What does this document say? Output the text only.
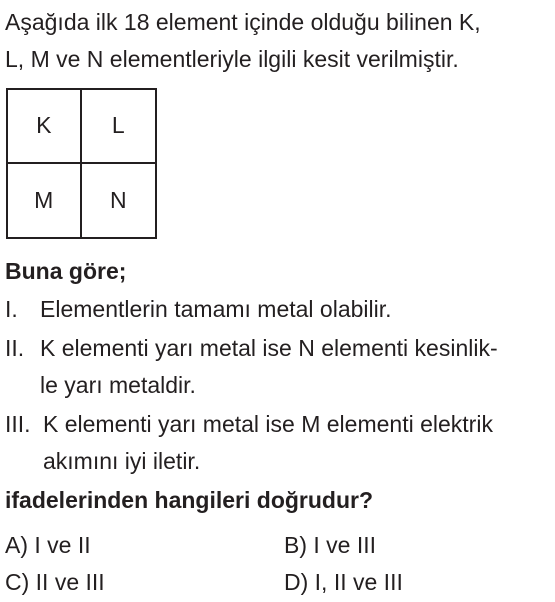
Aşağıda ilk 18 element içinde olduğu bilinen K,
L, M ve N elementleriyle ilgili kesit verilmiştir.
K	L
M	N
Buna göre;
I. Elementlerin tamamı metal olabilir.
II. K elementi yarı metal ise N elementi kesinlik-
le yarı metaldir.
III. K elementi yarı metal ise M elementi elektrik
akımını iyi iletir.
ifadelerinden hangileri doğrudur?
A) I ve II	B) I ve III
C) II ve III	D) I, II ve III
